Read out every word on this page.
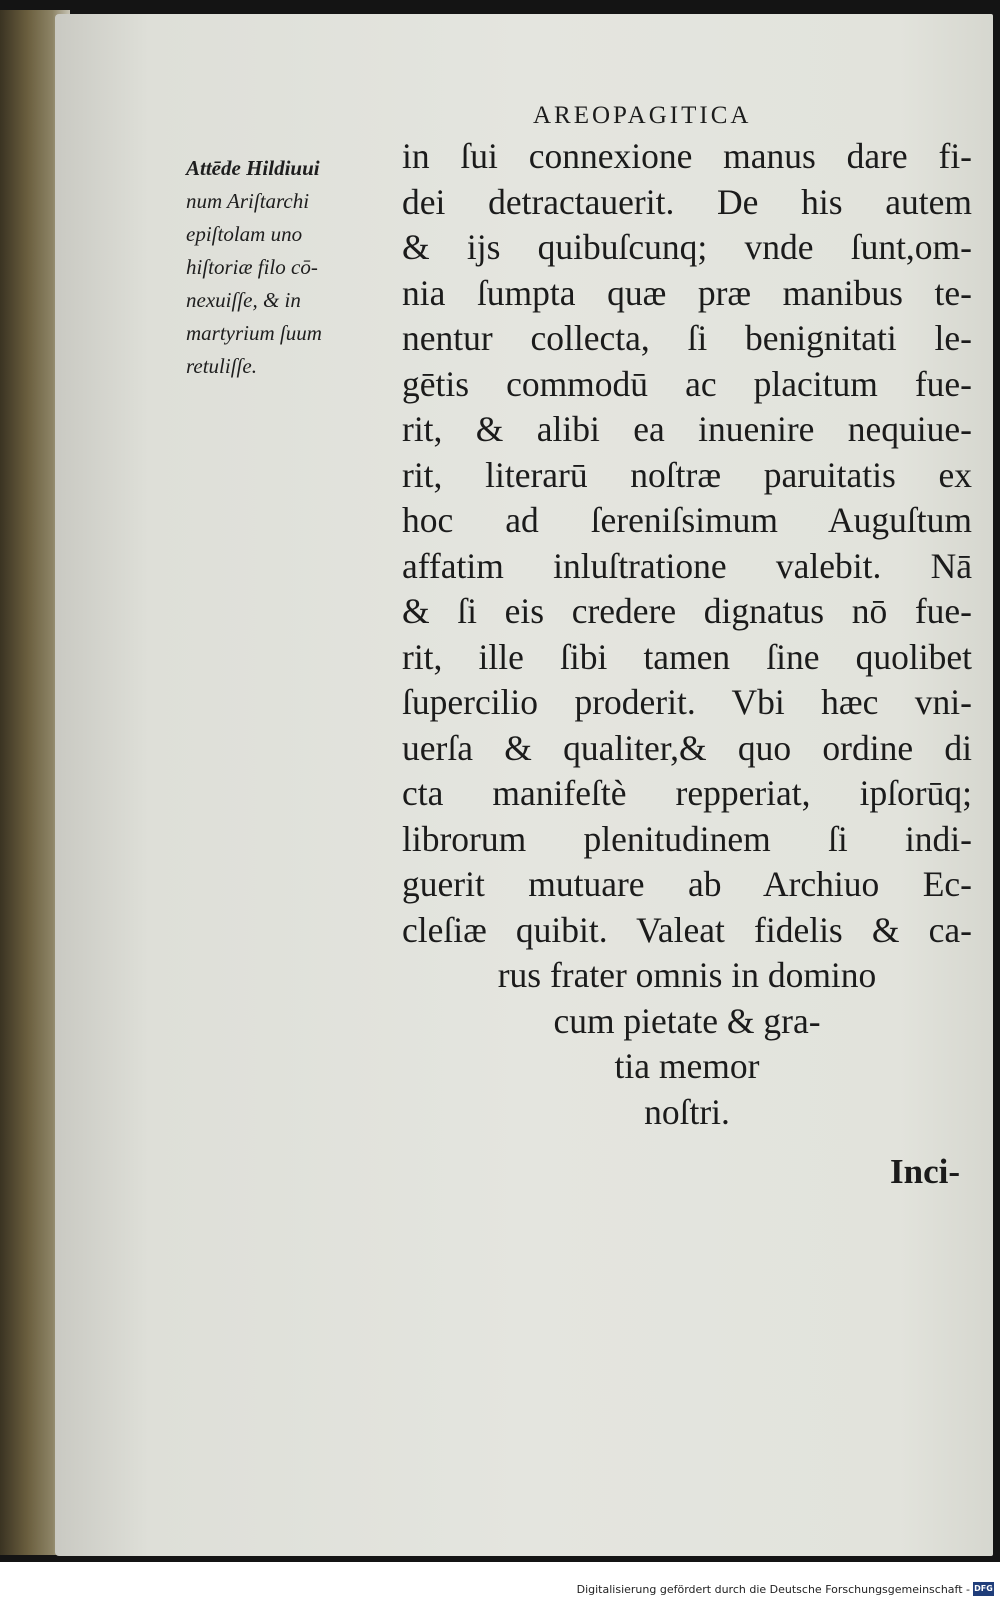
AREOPAGITICA
Attēde Hildiuui
num Ariſtarchi
epiſtolam uno
hiſtoriæ filo cō-
nexuiſſe, & in
martyrium ſuum
retuliſſe.
in ſui connexione manus dare fi-
dei detractauerit. De his autem
& ijs quibuſcunq; vnde ſunt,om-
nia ſumpta quæ præ manibus te-
nentur collecta, ſi benignitati le-
gētis commodū ac placitum fue-
rit, & alibi ea inuenire nequiue-
rit, literarū noſtræ paruitatis ex
hoc ad ſereniſsimum Auguſtum
affatim inluſtratione valebit. Nā
& ſi eis credere dignatus nō fue-
rit, ille ſibi tamen ſine quolibet
ſupercilio proderit. Vbi hæc vni-
uerſa & qualiter,& quo ordine di
cta manifeſtè repperiat, ipſorūq;
librorum plenitudinem ſi indi-
guerit mutuare ab Archiuo Ec-
cleſiæ quibit. Valeat fidelis & ca-
rus frater omnis in domino
cum pietate & gra-
tia memor
noſtri.
Inci-
Digitalisierung gefördert durch die Deutsche Forschungsgemeinschaft - DFG
